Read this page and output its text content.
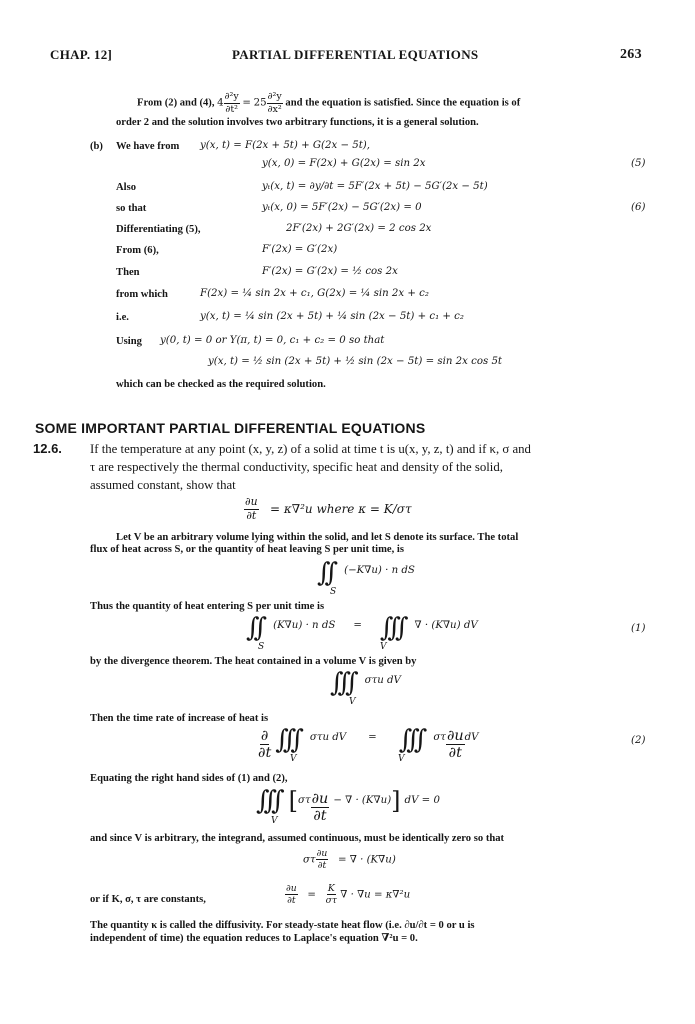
CHAP. 12]	PARTIAL DIFFERENTIAL EQUATIONS	263
From (2) and (4), $4 \frac{\text{∂²y}}{\text{∂t²}} = 25 \frac{\text{∂²y}}{\text{∂x²}}$ and the equation is satisfied. Since the equation is of
order 2 and the solution involves two arbitrary functions, it is a general solution.
(b) We have from y(x, t) = F(2x + 5t) + G(2x − 5t),
y(x, 0) = F(2x) + G(2x) = sin 2x	(5)
Also	yₜ(x, t) = ∂y/∂t = 5F′(2x + 5t) − 5G′(2x − 5t)
so that	yₜ(x, 0) = 5F′(2x) − 5G′(2x) = 0	(6)
Differentiating (5),	2F′(2x) + 2G′(2x) = 2 cos 2x
From (6),	F′(2x) = G′(2x)
Then	F′(2x) = G′(2x) = ½ cos 2x
from which	F(2x) = ¼ sin 2x + c₁, G(2x) = ¼ sin 2x + c₂
i.e.	y(x, t) = ¼ sin (2x + 5t) + ¼ sin (2x − 5t) + c₁ + c₂
Using y(0, t) = 0 or Y(π, t) = 0, c₁ + c₂ = 0 so that
y(x, t) = ½ sin (2x + 5t) + ½ sin (2x − 5t) = sin 2x cos 5t
which can be checked as the required solution.
SOME IMPORTANT PARTIAL DIFFERENTIAL EQUATIONS
12.6. If the temperature at any point (x, y, z) of a solid at time t is u(x, y, z, t) and if κ, σ and
τ are respectively the thermal conductivity, specific heat and density of the solid,
assumed constant, show that
$\frac{\partial u}{\partial t} = \kappa\nabla^2u$ where κ = K/στ
Let V be an arbitrary volume lying within the solid, and let S denote its surface. The total
flux of heat across S, or the quantity of heat leaving S per unit time, is
∫∫ $^{(-K\nabla u) \cdot n dS}$
S
Thus the quantity of heat entering S per unit time is
∫∫ $^{(K\nabla u) \cdot n dS}$ = ∫∫∫ $^{\nabla \cdot (K\nabla u) dV}$
S	V
(1)
by the divergence theorem. The heat contained in a volume V is given by
∫∫∫ $^{\sigma\tau u dV}$
V
Then the time rate of increase of heat is
$\frac{\partial}{\partial t}$ ∫∫∫ $^{\sigma\tau u dV}$ = ∫∫∫ $^{\sigma\tau} \frac{\partial u}{\partial t} ^{dV}$
V	V
(2)
Equating the right hand sides of (1) and (2),
∫∫∫ $[^{\sigma\tau} \frac{\partial u}{\partial t} ^{- \nabla \cdot (K\nabla u)}]$ $^{dV = 0}$
V
and since V is arbitrary, the integrand, assumed continuous, must be identically zero so that
στ $\frac{\partial u}{\partial t}$ = ∇ · (K∇u)
or if K, σ, τ are constants,	$\frac{\partial u}{\partial t} = \frac{K}{\sigma\tau}$ ∇ · ∇u = κ∇²u
The quantity κ is called the diffusivity. For steady-state heat flow (i.e. ∂u/∂t = 0 or u is
independent of time) the equation reduces to Laplace's equation ∇²u = 0.
